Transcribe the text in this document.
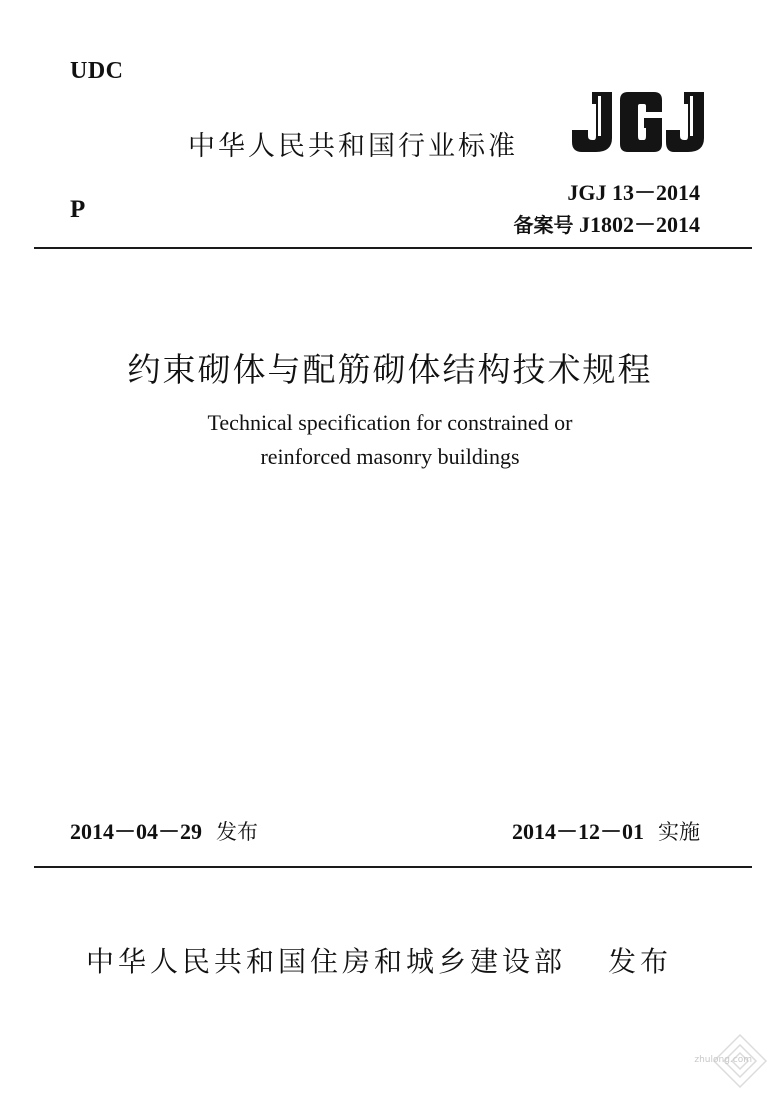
UDC
中华人民共和国行业标准
P
JGJ 13－2014
备案号 J1802－2014
约束砌体与配筋砌体结构技术规程
Technical specification for constrained or
reinforced masonry buildings
2014－04－29 发布	2014－12－01 实施
中华人民共和国住房和城乡建设部 发布
zhulong.com
